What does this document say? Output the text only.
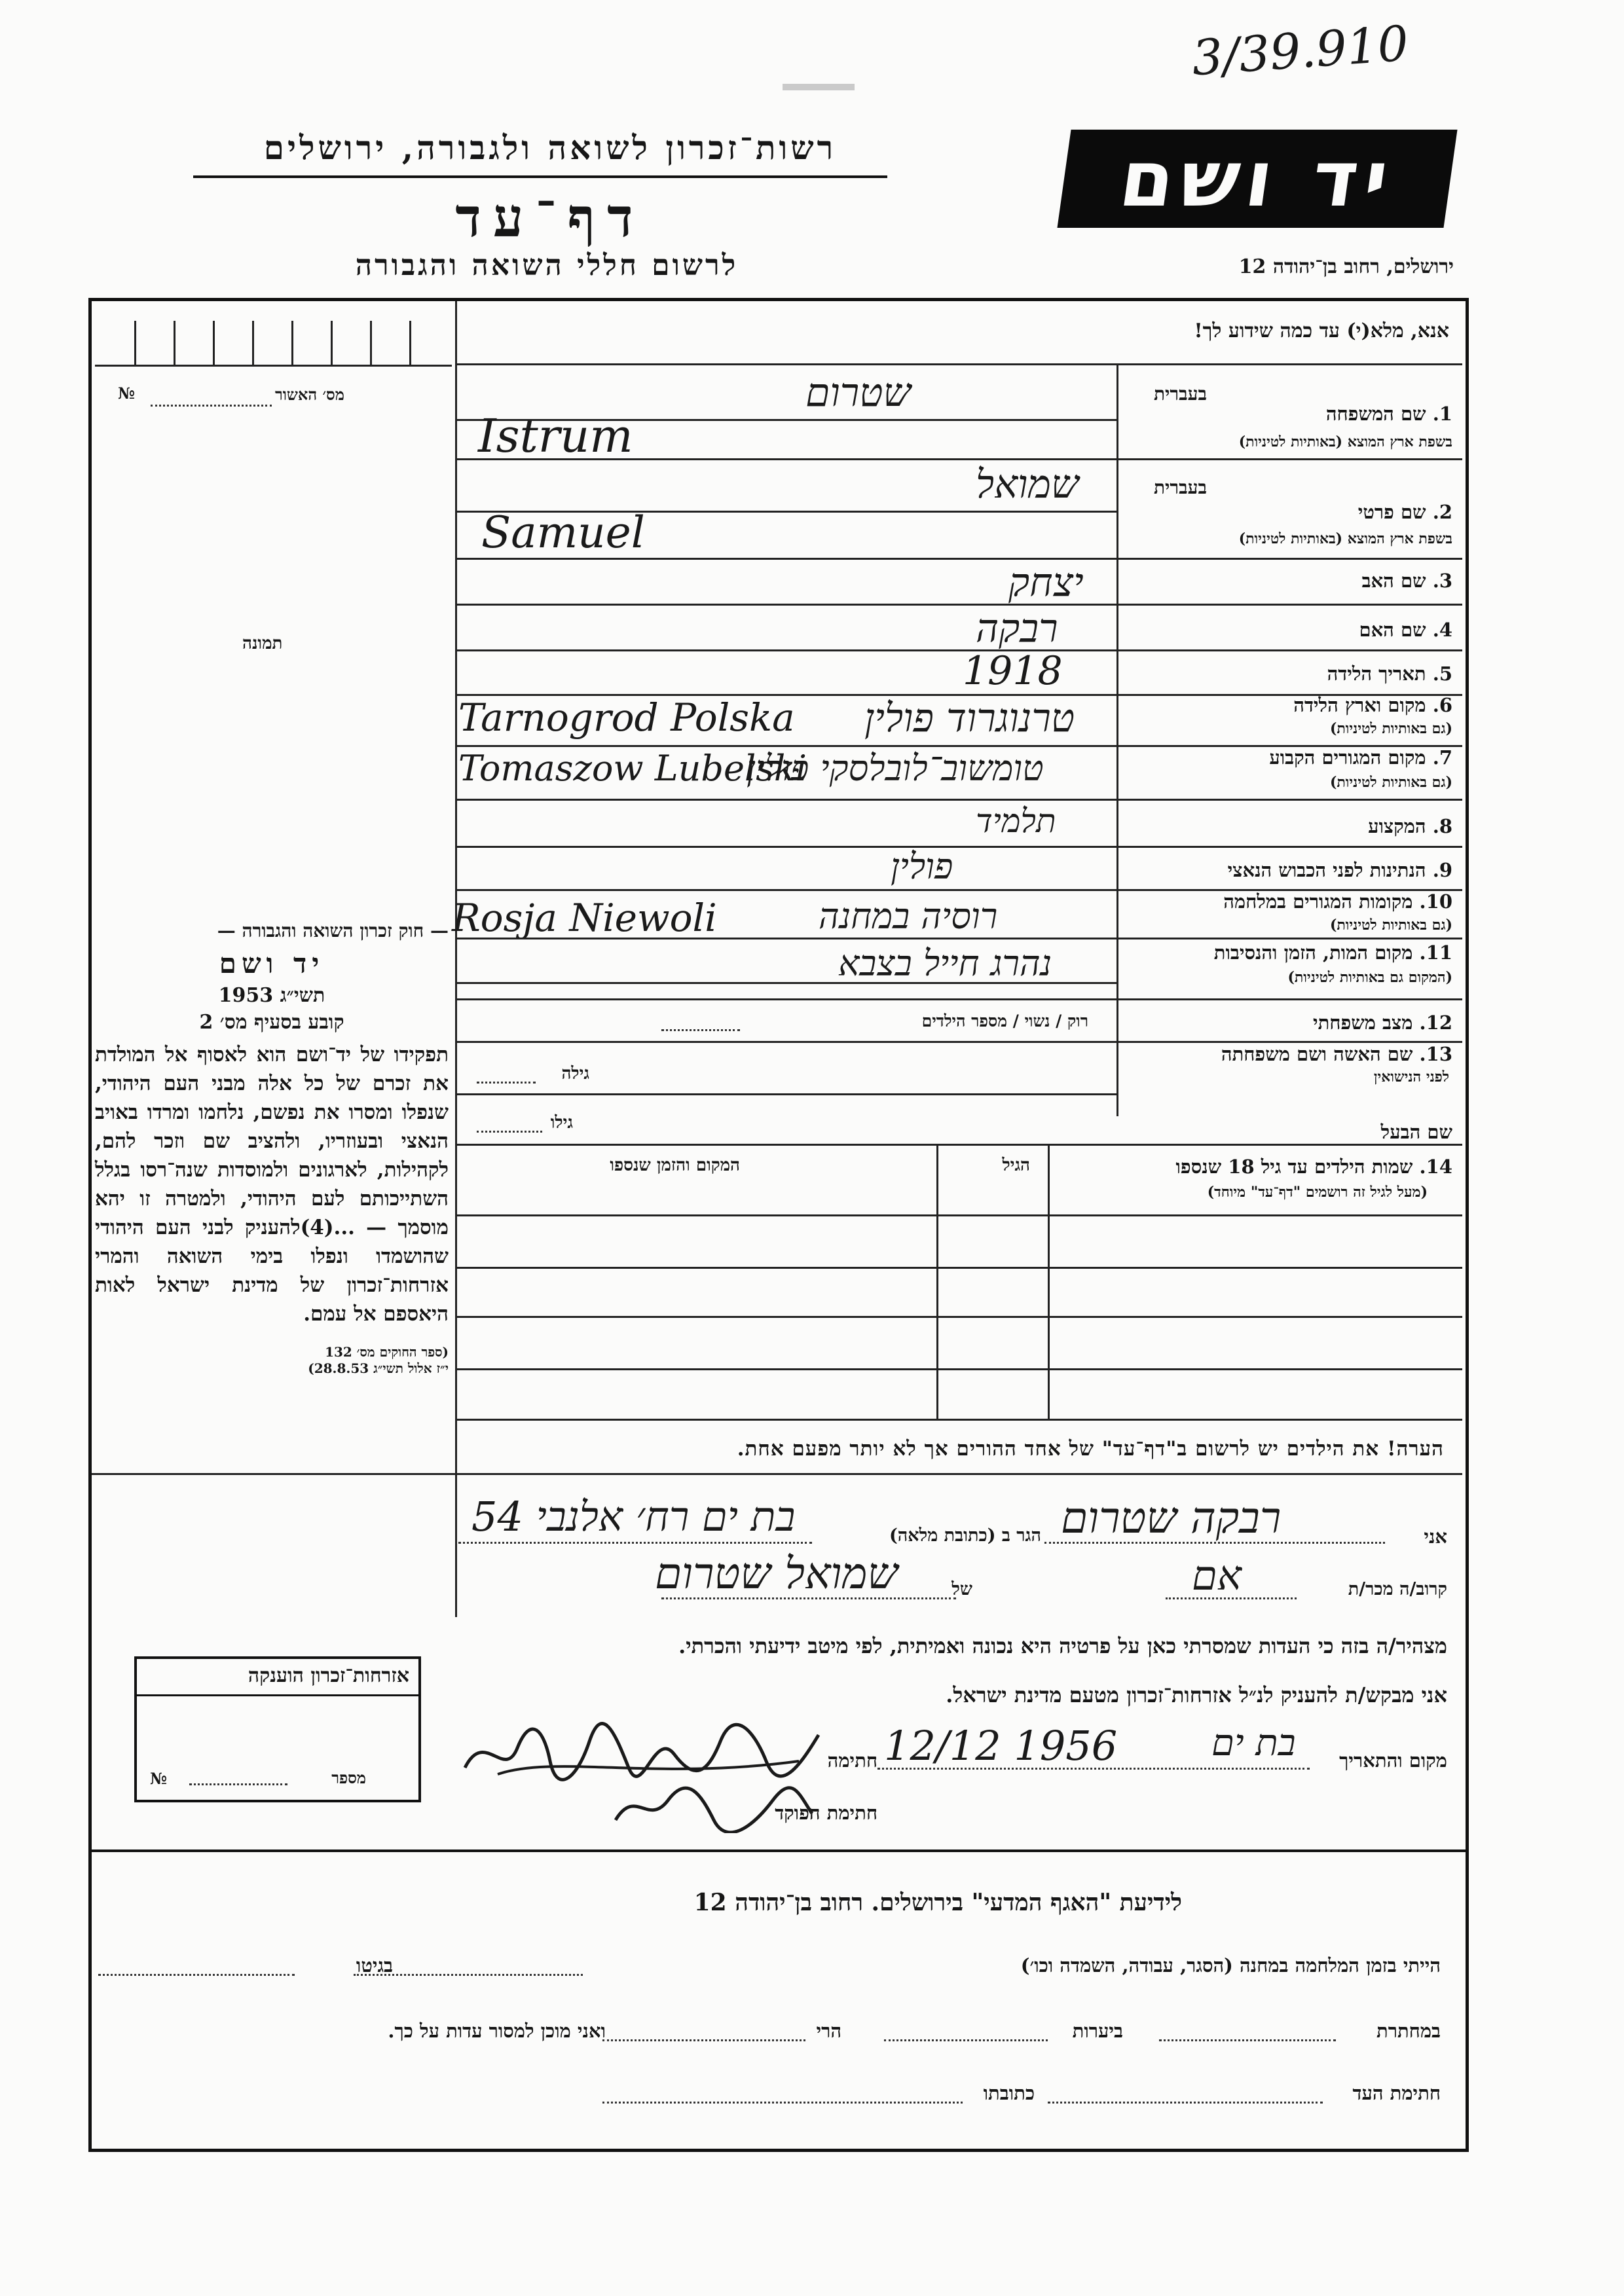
3/39.910
יד ושם
רשות־זכרון לשואה ולגבורה, ירושלים
דף־עד
לרשום חללי השואה והגבורה	ירושלים, רחוב בן־יהודה 12
מס׳ האשור
№
תמונה

— חוק זכרון השואה והגבורה —

יד ושם

תשי״ג 1953

קובע בסעיף מס׳ 2

תפקידו של יד־ושם הוא לאסוף אל המולדת את זכרם של כל אלה מבני העם היהודי, שנפלו ומסרו את נפשם, נלחמו ומרדו באויב הנאצי ובעוזריו, ולהציב שם וזכר להם, לקהילות, לארגונים ולמוסדות שנה־רסו בגלל השתייכותם לעם היהודי, ולמטרה זו יהא מוסמך — ...(4)להעניק לבני העם היהודי שהושמדו ונפלו בימי השואה והמרי אזרחות־זכרון של מדינת ישראל לאות היאספם אל עמם.

(ספר החוקים מס׳ 132

י״ז אלול תשי״ג 28.8.53)

אנא, מלא(י) עד כמה שידוע לך!
בעברית
1. שם המשפחה
בשפת ארץ המוצא (באותיות לטיניות)
שטרום
Istrum
בעברית
2. שם פרטי
בשפת ארץ המוצא (באותיות לטיניות)
שמואל
Samuel
3. שם האב
יצחק
4. שם האם
רבקה
5. תאריך הלידה
1918
6. מקום וארץ הלידה
(גם באותיות לטיניות)
טרנוגרוד פולין
Tarnogrod Polska
7. מקום המגורים הקבוע
(גם באותיות לטיניות)
טומשוב־לובלסקי פולין
Tomaszow Lubelski
8. המקצוע
תלמיד
9. הנתינות לפני הכבוש הנאצי
פולין
10. מקומות המגורים במלחמה
(גם באותיות לטיניות)
רוסיה במחנה
Rosja Niewoli
11. מקום המות, הזמן והנסיבות
(המקום גם באותיות לטיניות)
נהרג חייל בצבא
12. מצב משפחתי
רוק / נשוי / מספר הילדים
13. שם האשה ושם משפחתה
לפני הנישואין
גילה
שם הבעל
גילו
14. שמות הילדים עד גיל 18 שנספו
(מעל לגיל זה רושמים "דף־עד" מיוחד)
הגיל
המקום והזמן שנספו
הערה! את הילדים יש לרשום ב"דף־עד" של אחד ההורים אך לא יותר מפעם אחת.
אני
רבקה שטרום
הגר ב (כתובת מלאה)
בת ים רח׳ אלנבי 54
קרוב/ה מכר/ת
אם
של
שמואל שטרום
מצהיר/ה בזה כי העדות שמסרתי כאן על פרטיה היא נכונה ואמיתית, לפי מיטב ידיעתי והכרתי.
אני מבקש/ת להעניק לנ״ל אזרחות־זכרון מטעם מדינת ישראל.
מקום והתאריך
בת ים
12/12 1956
חתימה
חתימת הפוקד
אזרחות־זכרון הוענקה
מספר
№
לידיעת "האגף המדעי" בירושלים. רחוב בן־יהודה 12
הייתי בזמן המלחמה במחנה (הסגר, עבודה, השמדה וכו׳)
בגיטו
במחתרת
ביערות
הרי
ואני מוכן למסור עדות על כך.
חתימת העד
כתובתו
